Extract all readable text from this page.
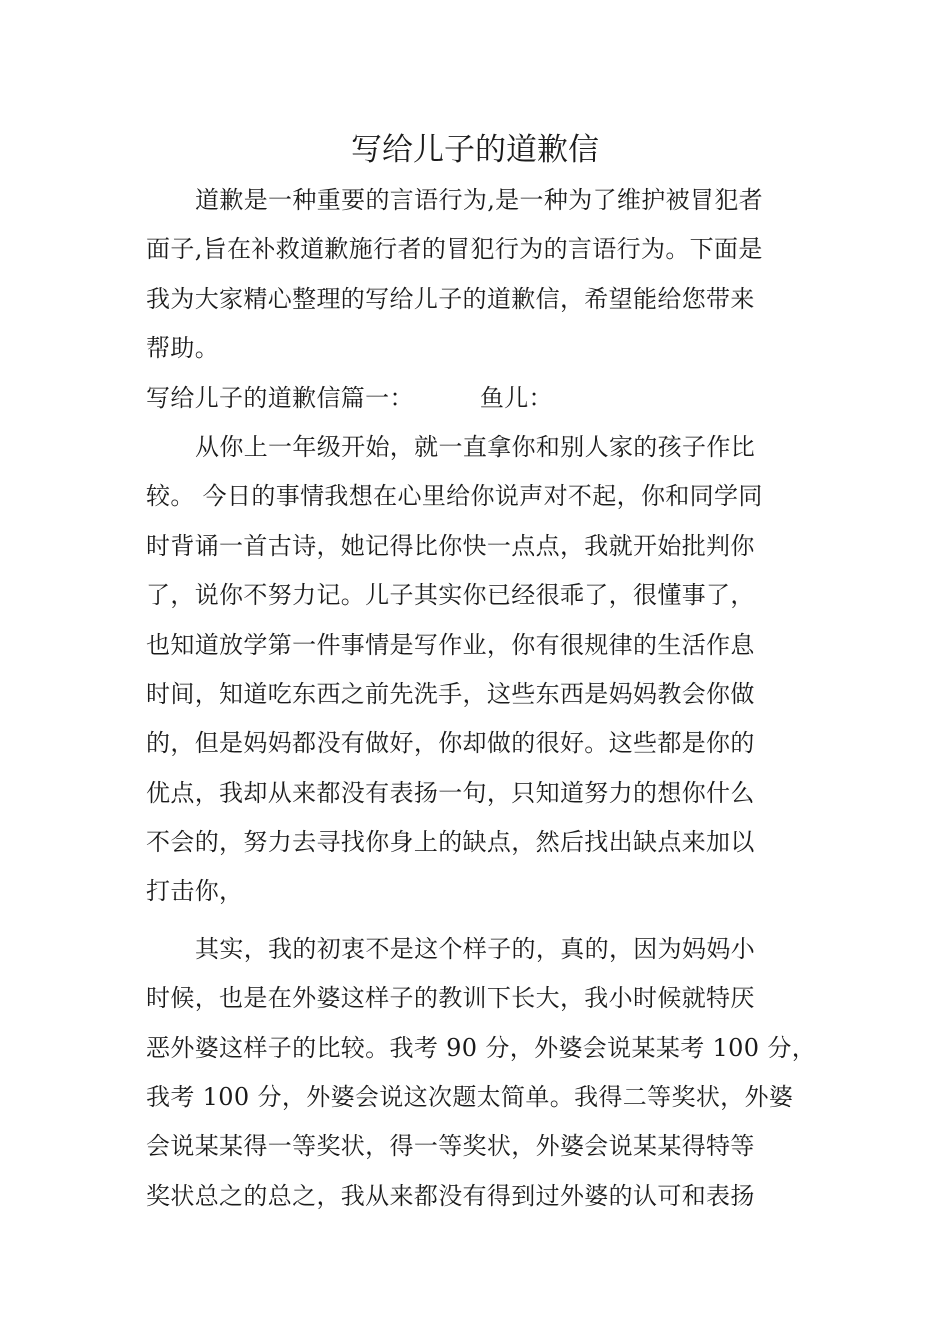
写给儿子的道歉信
道歉是一种重要的言语行为,是一种为了维护被冒犯者
面子,旨在补救道歉施行者的冒犯行为的言语行为。下面是
我为大家精心整理的写给儿子的道歉信，希望能给您带来
帮助。
写给儿子的道歉信篇一：	鱼儿：
从你上一年级开始，就一直拿你和别人家的孩子作比
较。 今日的事情我想在心里给你说声对不起，你和同学同
时背诵一首古诗，她记得比你快一点点，我就开始批判你
了，说你不努力记。儿子其实你已经很乖了，很懂事了，
也知道放学第一件事情是写作业，你有很规律的生活作息
时间，知道吃东西之前先洗手，这些东西是妈妈教会你做
的，但是妈妈都没有做好，你却做的很好。这些都是你的
优点，我却从来都没有表扬一句，只知道努力的想你什么
不会的，努力去寻找你身上的缺点，然后找出缺点来加以
打击你，
其实，我的初衷不是这个样子的，真的，因为妈妈小
时候，也是在外婆这样子的教训下长大，我小时候就特厌
恶外婆这样子的比较。我考 90 分，外婆会说某某考 100 分，
我考 100 分，外婆会说这次题太简单。我得二等奖状，外婆
会说某某得一等奖状，得一等奖状，外婆会说某某得特等
奖状总之的总之，我从来都没有得到过外婆的认可和表扬
